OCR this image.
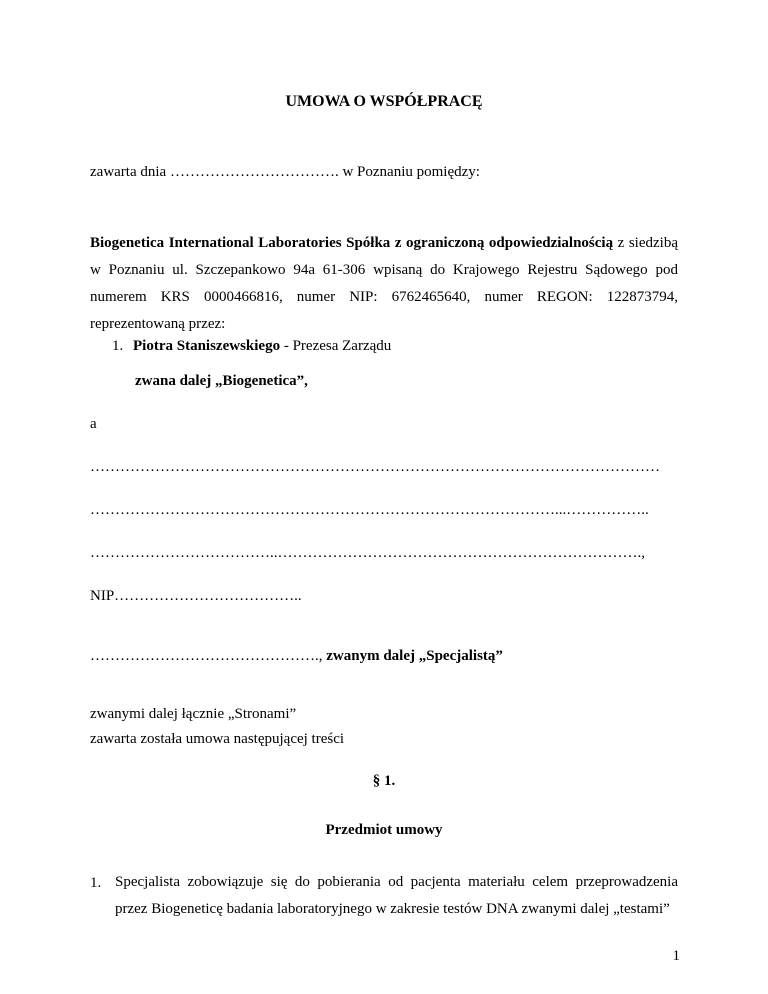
UMOWA O WSPÓŁPRACĘ
zawarta dnia ……………………………. w Poznaniu pomiędzy:
Biogenetica International Laboratories Spółka z ograniczoną odpowiedzialnością z siedzibą w Poznaniu ul. Szczepankowo 94a 61-306 wpisaną do Krajowego Rejestru Sądowego pod numerem KRS 0000466816, numer NIP: 6762465640, numer REGON: 122873794, reprezentowaną przez:
1. Piotra Staniszewskiego - Prezesa Zarządu
zwana dalej „Biogenetica”,
a
……………………………………………………………………………………………………
…………………………………………………………………………………...……………..
………………………………..……………………………………………………………….,
NIP………………………………..
………………………………………., zwanym dalej „Specjalistą”
zwanymi dalej łącznie „Stronami”
zawarta została umowa następującej treści
§ 1.
Przedmiot umowy
1. Specjalista zobowiązuje się do pobierania od pacjenta materiału celem przeprowadzenia przez Biogeneticę badania laboratoryjnego w zakresie testów DNA zwanymi dalej „testami”
1
